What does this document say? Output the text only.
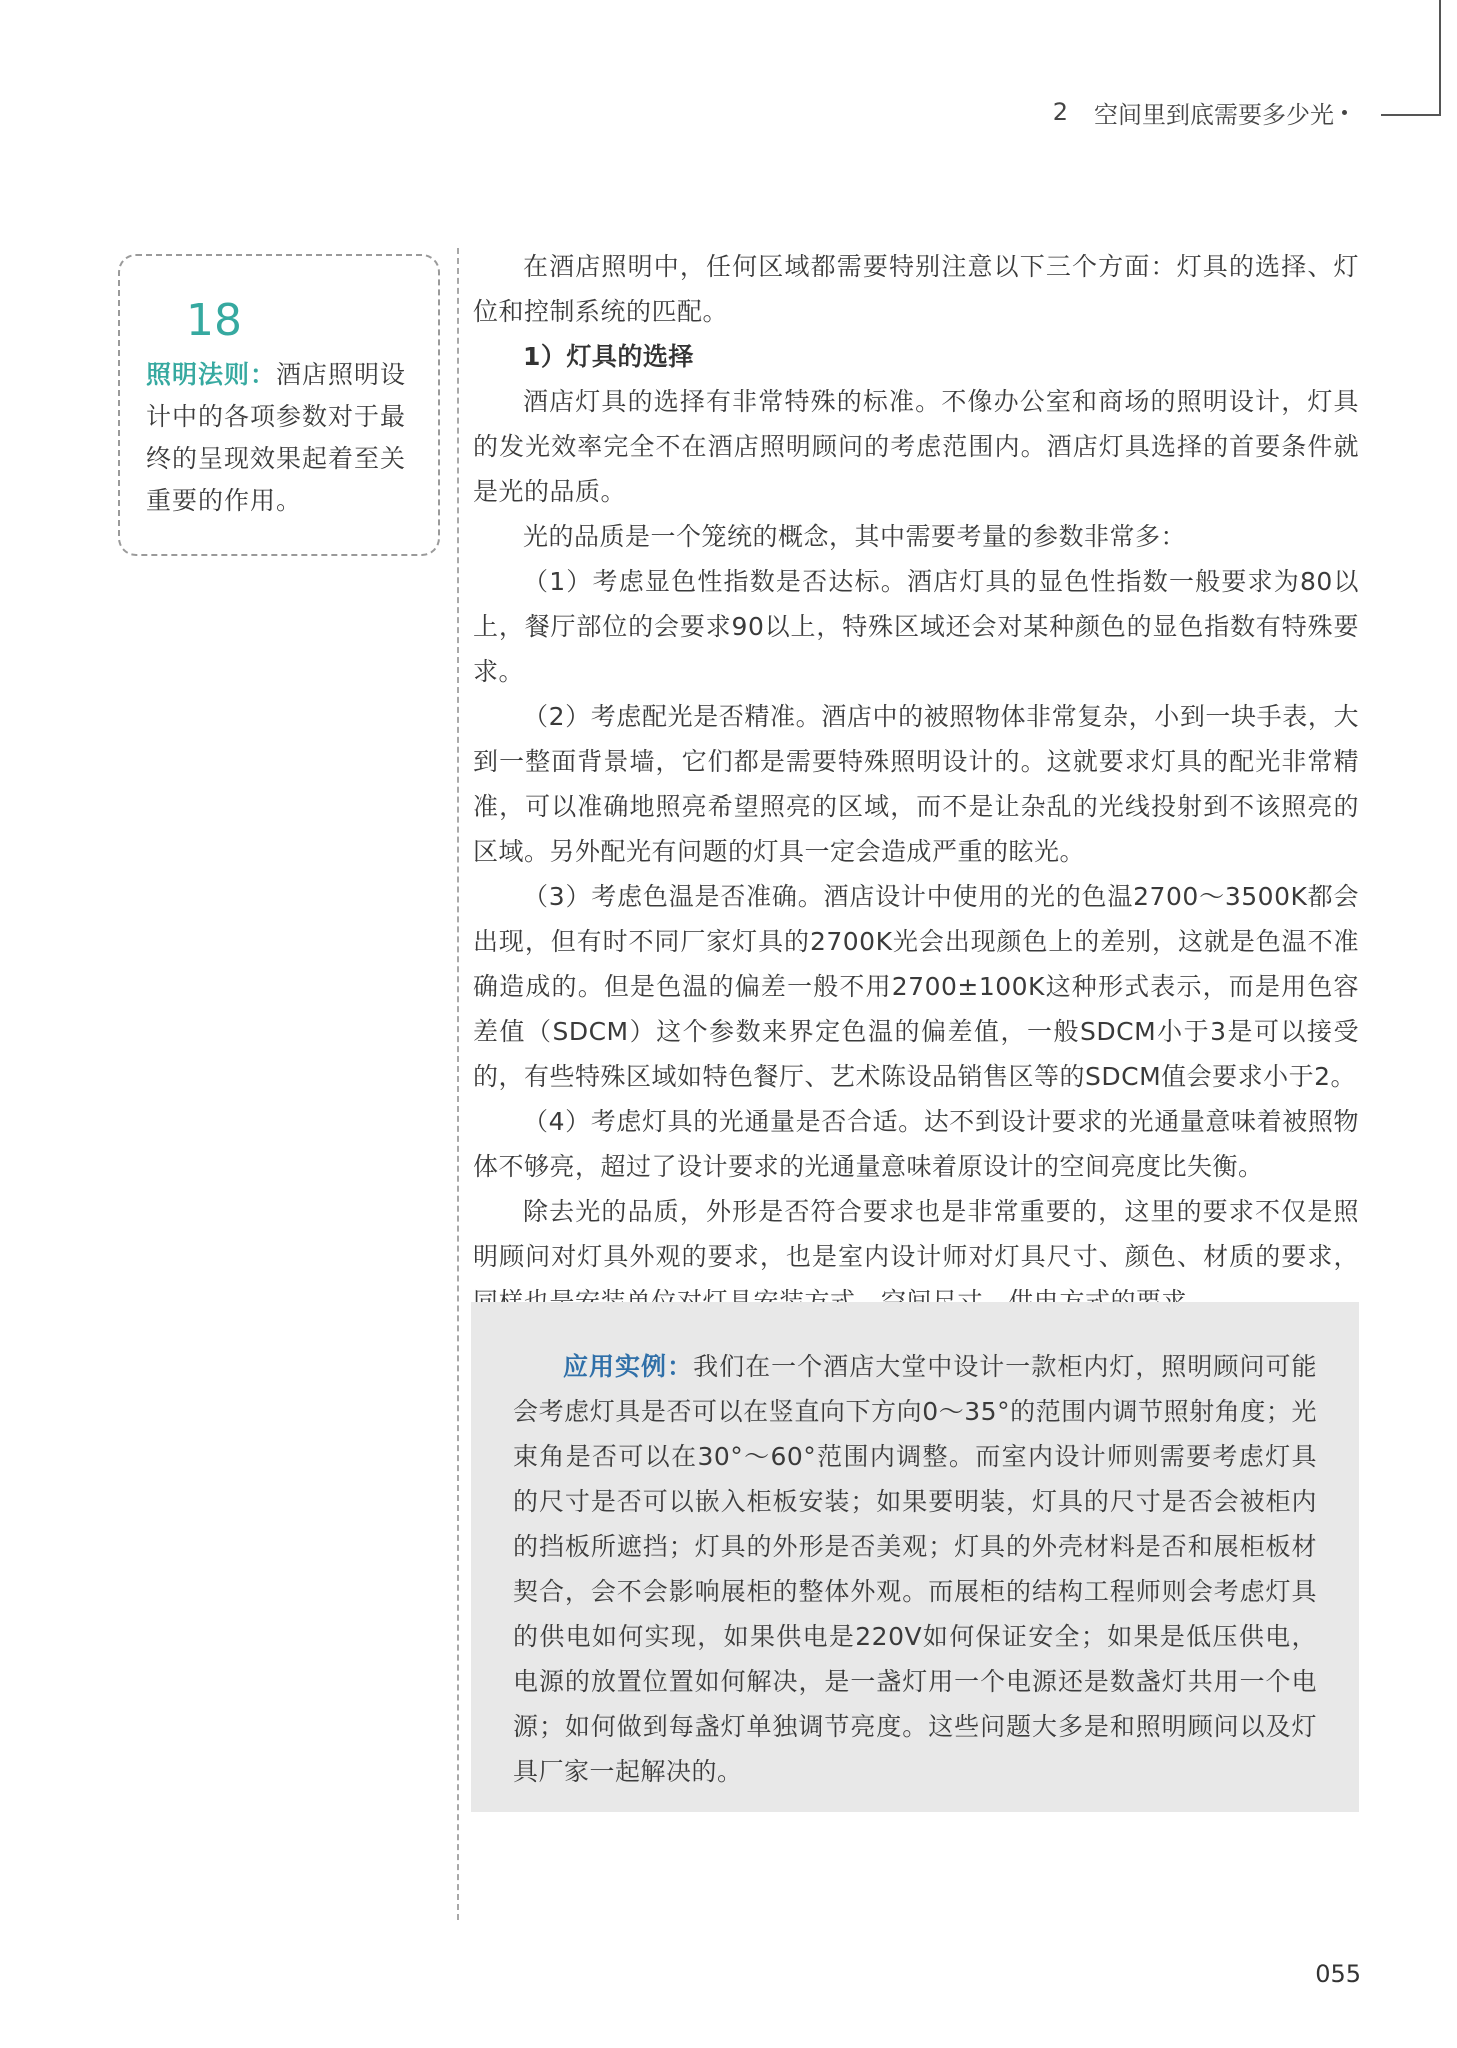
2 空间里到底需要多少光
18
照明法则：酒店照明设计中的各项参数对于最终的呈现效果起着至关重要的作用。

在酒店照明中，任何区域都需要特别注意以下三个方面：灯具的选择、灯位和控制系统的匹配。

1）灯具的选择

酒店灯具的选择有非常特殊的标准。不像办公室和商场的照明设计，灯具的发光效率完全不在酒店照明顾问的考虑范围内。酒店灯具选择的首要条件就是光的品质。

光的品质是一个笼统的概念，其中需要考量的参数非常多：

（1）考虑显色性指数是否达标。酒店灯具的显色性指数一般要求为80以上，餐厅部位的会要求90以上，特殊区域还会对某种颜色的显色指数有特殊要求。

（2）考虑配光是否精准。酒店中的被照物体非常复杂，小到一块手表，大到一整面背景墙，它们都是需要特殊照明设计的。这就要求灯具的配光非常精准，可以准确地照亮希望照亮的区域，而不是让杂乱的光线投射到不该照亮的区域。另外配光有问题的灯具一定会造成严重的眩光。

（3）考虑色温是否准确。酒店设计中使用的光的色温2700～3500K都会出现，但有时不同厂家灯具的2700K光会出现颜色上的差别，这就是色温不准确造成的。但是色温的偏差一般不用2700±100K这种形式表示，而是用色容差值（SDCM）这个参数来界定色温的偏差值，一般SDCM小于3是可以接受的，有些特殊区域如特色餐厅、艺术陈设品销售区等的SDCM值会要求小于2。

（4）考虑灯具的光通量是否合适。达不到设计要求的光通量意味着被照物体不够亮，超过了设计要求的光通量意味着原设计的空间亮度比失衡。

除去光的品质，外形是否符合要求也是非常重要的，这里的要求不仅是照明顾问对灯具外观的要求，也是室内设计师对灯具尺寸、颜色、材质的要求，

应用实例：我们在一个酒店大堂中设计一款柜内灯，照明顾问可能会考虑灯具是否可以在竖直向下方向0～35°的范围内调节照射角度；光束角是否可以在30°～60°范围内调整。而室内设计师则需要考虑灯具的尺寸是否可以嵌入柜板安装；如果要明装，灯具的尺寸是否会被柜内的挡板所遮挡；灯具的外形是否美观；灯具的外壳材料是否和展柜板材契合，会不会影响展柜的整体外观。而展柜的结构工程师则会考虑灯具的供电如何实现，如果供电是220V如何保证安全；如果是低压供电，电源的放置位置如何解决，是一盏灯用一个电源还是数盏灯共用一个电源；如何做到每盏灯单独调节亮度。这些问题大多是和照明顾问以及灯具厂家一起解决的。

055
